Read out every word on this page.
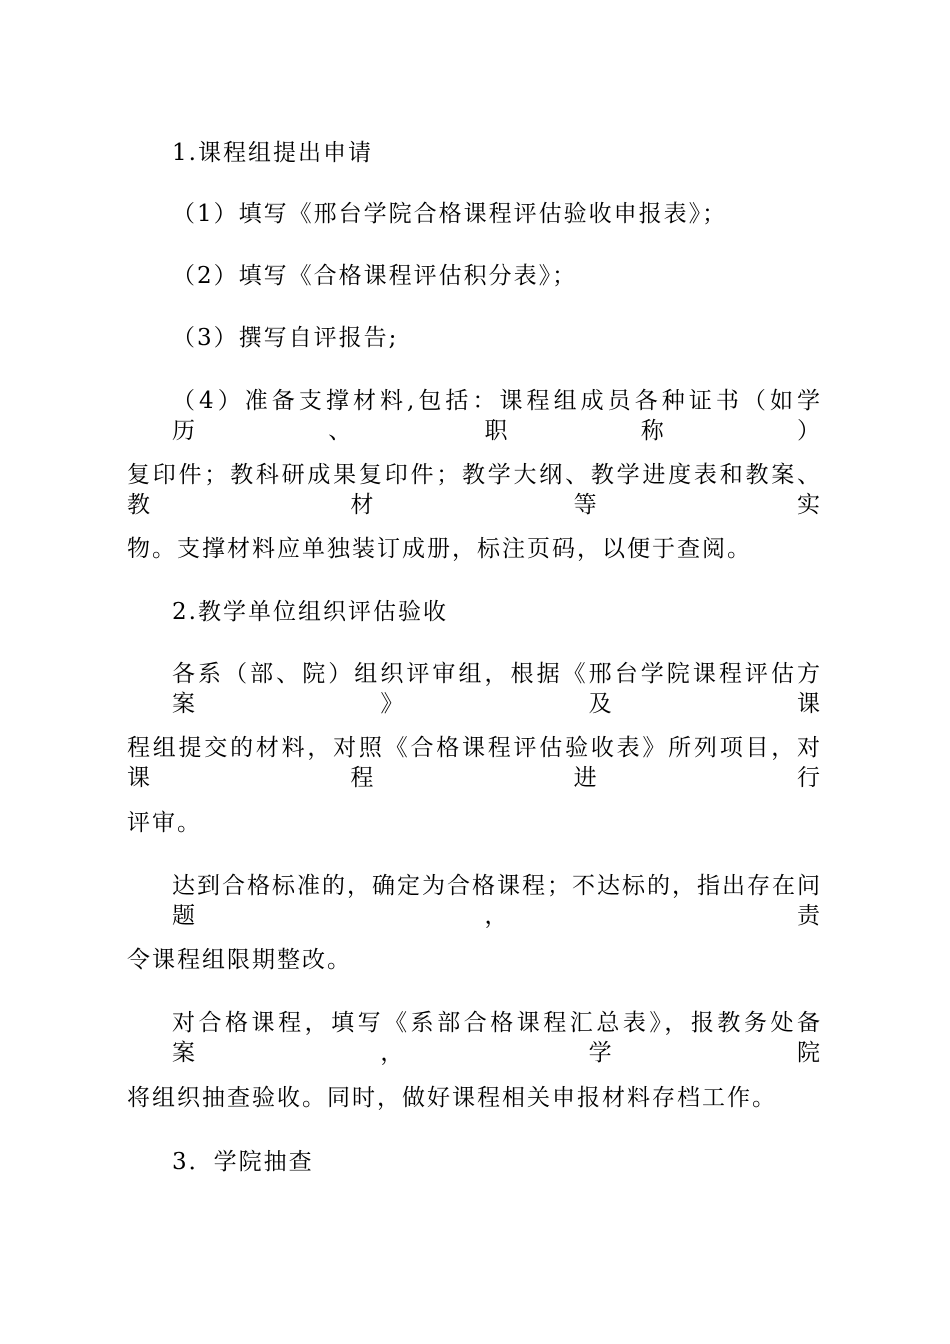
1.课程组提出申请
（1）填写《邢台学院合格课程评估验收申报表》；
（2）填写《合格课程评估积分表》；
（3）撰写自评报告;
（4）准备支撑材料,包括：课程组成员各种证书（如学历、职称）
复印件；教科研成果复印件；教学大纲、教学进度表和教案、教材等实
物。支撑材料应单独装订成册，标注页码，以便于查阅。
2.教学单位组织评估验收
各系（部、院）组织评审组，根据《邢台学院课程评估方案》及课
程组提交的材料，对照《合格课程评估验收表》所列项目，对课程进行
评审。
达到合格标准的，确定为合格课程；不达标的，指出存在问题，责
令课程组限期整改。
对合格课程，填写《系部合格课程汇总表》，报教务处备案，学院
将组织抽查验收。同时，做好课程相关申报材料存档工作。
3．学院抽查
